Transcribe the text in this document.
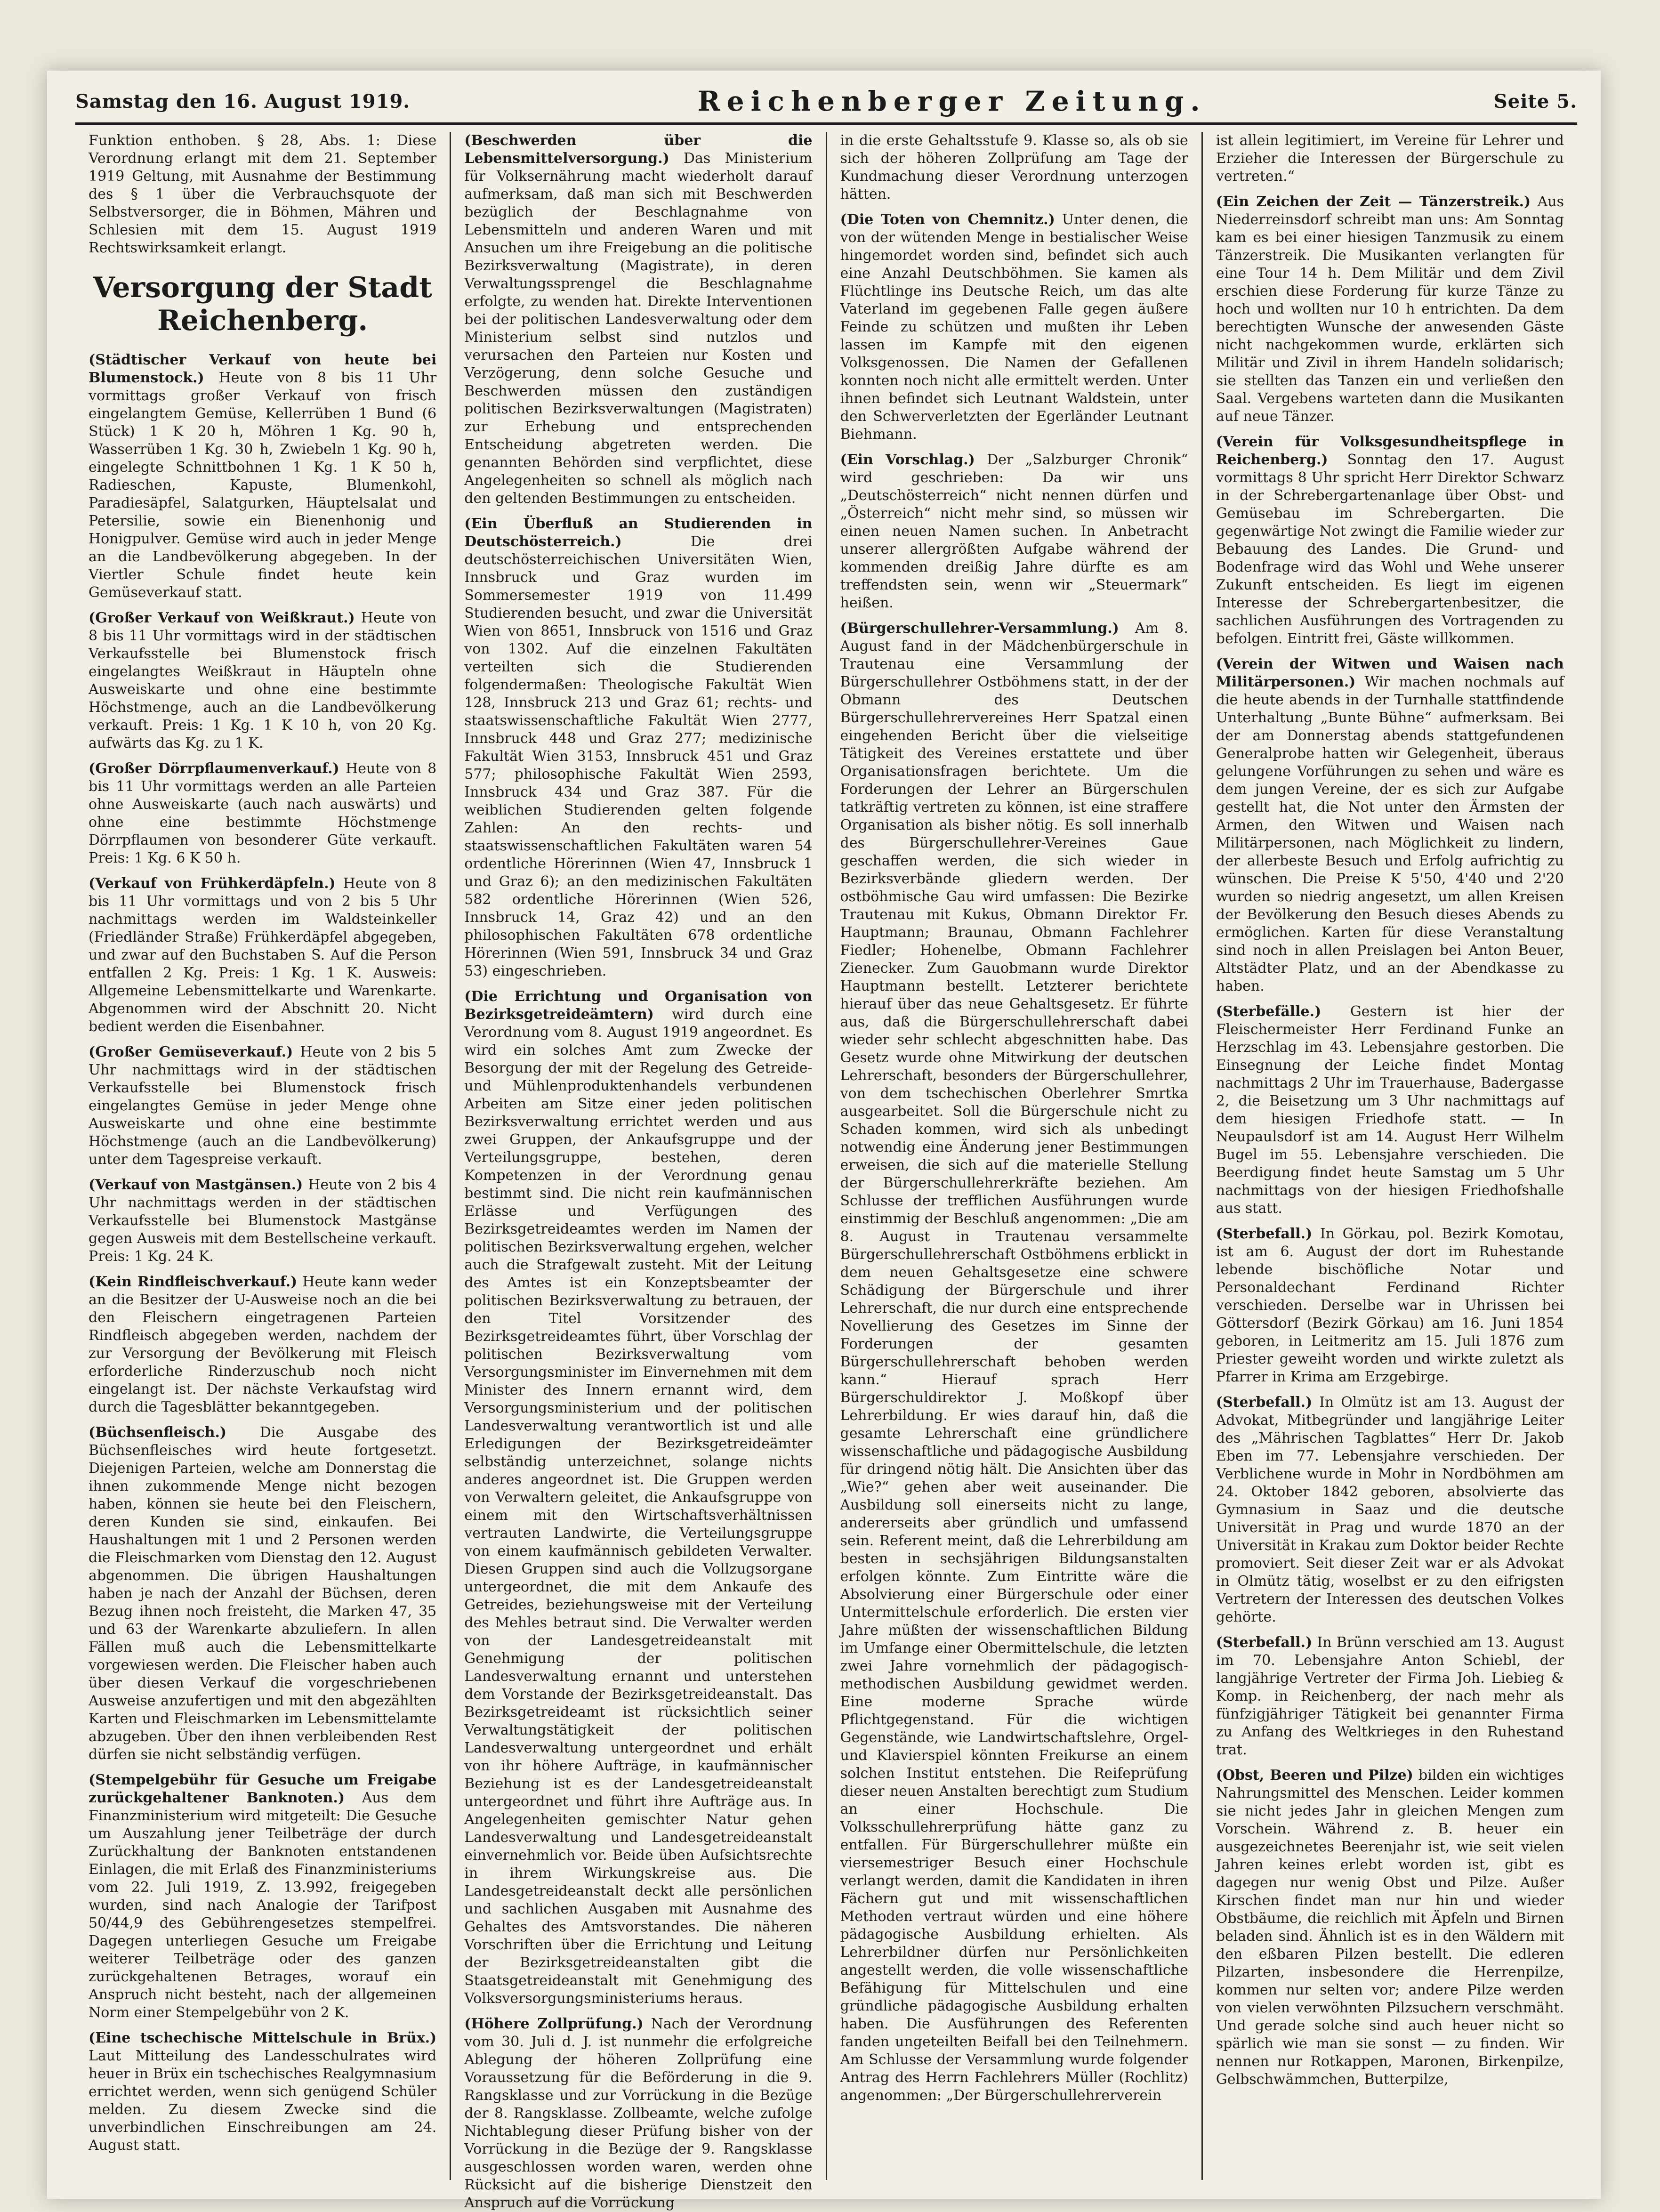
Samstag den 16. August 1919.	Reichenberger Zeitung.	Seite 5.

Funktion enthoben. § 28, Abs. 1: Diese Verordnung erlangt mit dem 21. September 1919 Geltung, mit Ausnahme der Bestimmung des § 1 über die Verbrauchsquote der Selbstversorger, die in Böhmen, Mähren und Schlesien mit dem 15. August 1919 Rechtswirksamkeit erlangt.

Versorgung der Stadt Reichenberg.

(Städtischer Verkauf von heute bei Blumenstock.) Heute von 8 bis 11 Uhr vormittags großer Verkauf von frisch eingelangtem Gemüse, Kellerrüben 1 Bund (6 Stück) 1 K 20 h, Möhren 1 Kg. 90 h, Wasserrüben 1 Kg. 30 h, Zwiebeln 1 Kg. 90 h, eingelegte Schnittbohnen 1 Kg. 1 K 50 h, Radieschen, Kapuste, Blumenkohl, Paradiesäpfel, Salatgurken, Häuptelsalat und Petersilie, sowie ein Bienenhonig und Honigpulver. Gemüse wird auch in jeder Menge an die Landbevölkerung abgegeben. In der Viertler Schule findet heute kein Gemüseverkauf statt.

(Großer Verkauf von Weißkraut.) Heute von 8 bis 11 Uhr vormittags wird in der städtischen Verkaufsstelle bei Blumenstock frisch eingelangtes Weißkraut in Häupteln ohne Ausweiskarte und ohne eine bestimmte Höchstmenge, auch an die Landbevölkerung verkauft. Preis: 1 Kg. 1 K 10 h, von 20 Kg. aufwärts das Kg. zu 1 K.

(Großer Dörrpflaumenverkauf.) Heute von 8 bis 11 Uhr vormittags werden an alle Parteien ohne Ausweiskarte (auch nach auswärts) und ohne eine bestimmte Höchstmenge Dörrpflaumen von besonderer Güte verkauft. Preis: 1 Kg. 6 K 50 h.

(Verkauf von Frühkerdäpfeln.) Heute von 8 bis 11 Uhr vormittags und von 2 bis 5 Uhr nachmittags werden im Waldsteinkeller (Friedländer Straße) Frühkerdäpfel abgegeben, und zwar auf den Buchstaben S. Auf die Person entfallen 2 Kg. Preis: 1 Kg. 1 K. Ausweis: Allgemeine Lebensmittelkarte und Warenkarte. Abgenommen wird der Abschnitt 20. Nicht bedient werden die Eisenbahner.

(Großer Gemüseverkauf.) Heute von 2 bis 5 Uhr nachmittags wird in der städtischen Verkaufsstelle bei Blumenstock frisch eingelangtes Gemüse in jeder Menge ohne Ausweiskarte und ohne eine bestimmte Höchstmenge (auch an die Landbevölkerung) unter dem Tagespreise verkauft.

(Verkauf von Mastgänsen.) Heute von 2 bis 4 Uhr nachmittags werden in der städtischen Verkaufsstelle bei Blumenstock Mastgänse gegen Ausweis mit dem Bestellscheine verkauft. Preis: 1 Kg. 24 K.

(Kein Rindfleischverkauf.) Heute kann weder an die Besitzer der U-Ausweise noch an die bei den Fleischern eingetragenen Parteien Rindfleisch abgegeben werden, nachdem der zur Versorgung der Bevölkerung mit Fleisch erforderliche Rinderzuschub noch nicht eingelangt ist. Der nächste Verkaufstag wird durch die Tagesblätter bekanntgegeben.

(Büchsenfleisch.) Die Ausgabe des Büchsenfleisches wird heute fortgesetzt. Diejenigen Parteien, welche am Donnerstag die ihnen zukommende Menge nicht bezogen haben, können sie heute bei den Fleischern, deren Kunden sie sind, einkaufen. Bei Haushaltungen mit 1 und 2 Personen werden die Fleischmarken vom Dienstag den 12. August abgenommen. Die übrigen Haushaltungen haben je nach der Anzahl der Büchsen, deren Bezug ihnen noch freisteht, die Marken 47, 35 und 63 der Warenkarte abzuliefern. In allen Fällen muß auch die Lebensmittelkarte vorgewiesen werden. Die Fleischer haben auch über diesen Verkauf die vorgeschriebenen Ausweise anzufertigen und mit den abgezählten Karten und Fleischmarken im Lebensmittelamte abzugeben. Über den ihnen verbleibenden Rest dürfen sie nicht selbständig verfügen.

(Stempelgebühr für Gesuche um Freigabe zurückgehaltener Banknoten.) Aus dem Finanzministerium wird mitgeteilt: Die Gesuche um Auszahlung jener Teilbeträge der durch Zurückhaltung der Banknoten entstandenen Einlagen, die mit Erlaß des Finanzministeriums vom 22. Juli 1919, Z. 13.992, freigegeben wurden, sind nach Analogie der Tarifpost 50/44,9 des Gebührengesetzes stempelfrei. Dagegen unterliegen Gesuche um Freigabe weiterer Teilbeträge oder des ganzen zurückgehaltenen Betrages, worauf ein Anspruch nicht besteht, nach der allgemeinen Norm einer Stempelgebühr von 2 K.

(Eine tschechische Mittelschule in Brüx.) Laut Mitteilung des Landesschulrates wird heuer in Brüx ein tschechisches Realgymnasium errichtet werden, wenn sich genügend Schüler melden. Zu diesem Zwecke sind die unverbindlichen Einschreibungen am 24. August statt.

(Beschwerden über die Lebensmittelversorgung.) Das Ministerium für Volksernährung macht wiederholt darauf aufmerksam, daß man sich mit Beschwerden bezüglich der Beschlagnahme von Lebensmitteln und anderen Waren und mit Ansuchen um ihre Freigebung an die politische Bezirksverwaltung (Magistrate), in deren Verwaltungssprengel die Beschlagnahme erfolgte, zu wenden hat. Direkte Interventionen bei der politischen Landesverwaltung oder dem Ministerium selbst sind nutzlos und verursachen den Parteien nur Kosten und Verzögerung, denn solche Gesuche und Beschwerden müssen den zuständigen politischen Bezirksverwaltungen (Magistraten) zur Erhebung und entsprechenden Entscheidung abgetreten werden. Die genannten Behörden sind verpflichtet, diese Angelegenheiten so schnell als möglich nach den geltenden Bestimmungen zu entscheiden.

(Ein Überfluß an Studierenden in Deutschösterreich.)	Die drei deutschösterreichischen Universitäten Wien, Innsbruck und Graz wurden im Sommersemester 1919 von 11.499 Studierenden besucht, und zwar die Universität Wien von 8651, Innsbruck von 1516 und Graz von 1302. Auf die einzelnen Fakultäten verteilten sich die Studierenden folgendermaßen: Theologische Fakultät Wien 128, Innsbruck 213 und Graz 61; rechts- und staatswissenschaftliche Fakultät Wien 2777, Innsbruck 448 und Graz 277; medizinische Fakultät Wien 3153, Innsbruck 451 und Graz 577; philosophische Fakultät Wien 2593, Innsbruck 434 und Graz 387. Für die weiblichen Studierenden gelten folgende Zahlen: An den rechts- und staatswissenschaftlichen Fakultäten waren 54 ordentliche Hörerinnen (Wien 47, Innsbruck 1 und Graz 6); an den medizinischen Fakultäten 582 ordentliche Hörerinnen (Wien 526, Innsbruck 14, Graz 42) und an den philosophischen Fakultäten 678 ordentliche Hörerinnen (Wien 591, Innsbruck 34 und Graz 53) eingeschrieben.

(Die Errichtung und Organisation von Bezirksgetreideämtern) wird durch eine Verordnung vom 8. August 1919 angeordnet. Es wird ein solches Amt zum Zwecke der Besorgung der mit der Regelung des Getreide- und Mühlenproduktenhandels verbundenen Arbeiten am Sitze einer jeden politischen Bezirksverwaltung errichtet werden und aus zwei Gruppen, der Ankaufsgruppe und der Verteilungsgruppe, bestehen, deren Kompetenzen in der Verordnung genau bestimmt sind. Die nicht rein kaufmännischen Erlässe und Verfügungen des Bezirksgetreideamtes werden im Namen der politischen Bezirksverwaltung ergehen, welcher auch die Strafgewalt zusteht. Mit der Leitung des Amtes ist ein Konzeptsbeamter der politischen Bezirksverwaltung zu betrauen, der den Titel Vorsitzender des Bezirksgetreideamtes führt, über Vorschlag der politischen Bezirksverwaltung vom Versorgungsminister im Einvernehmen mit dem Minister des Innern ernannt wird, dem Versorgungsministerium und der politischen Landesverwaltung verantwortlich ist und alle Erledigungen der Bezirksgetreideämter selbständig unterzeichnet, solange nichts anderes angeordnet ist. Die Gruppen werden von Verwaltern geleitet, die Ankaufsgruppe von einem mit den Wirtschaftsverhältnissen vertrauten Landwirte, die Verteilungsgruppe von einem kaufmännisch gebildeten Verwalter. Diesen Gruppen sind auch die Vollzugsorgane untergeordnet, die mit dem Ankaufe des Getreides, beziehungsweise mit der Verteilung des Mehles betraut sind. Die Verwalter werden von der Landesgetreideanstalt mit Genehmigung der politischen Landesverwaltung ernannt und unterstehen dem Vorstande der Bezirksgetreideanstalt. Das Bezirksgetreideamt ist rücksichtlich seiner Verwaltungstätigkeit der politischen Landesverwaltung untergeordnet und erhält von ihr höhere Aufträge, in kaufmännischer Beziehung ist es der Landesgetreideanstalt untergeordnet und führt ihre Aufträge aus. In Angelegenheiten gemischter Natur gehen Landesverwaltung und Landesgetreideanstalt einvernehmlich vor. Beide üben Aufsichtsrechte in ihrem Wirkungskreise aus. Die Landesgetreideanstalt deckt alle persönlichen und sachlichen Ausgaben mit Ausnahme des Gehaltes des Amtsvorstandes. Die näheren Vorschriften über die Errichtung und Leitung der Bezirksgetreideanstalten gibt die Staatsgetreideanstalt mit Genehmigung des Volksversorgungsministeriums heraus.

(Höhere Zollprüfung.) Nach der Verordnung vom 30. Juli d. J. ist nunmehr die erfolgreiche Ablegung der höheren Zollprüfung eine Voraussetzung für die Beförderung in die 9. Rangsklasse und zur Vorrückung in die Bezüge der 8. Rangsklasse. Zollbeamte, welche zufolge Nichtablegung dieser Prüfung bisher von der Vorrückung in die Bezüge der 9. Rangsklasse ausgeschlossen worden waren, werden ohne Rücksicht auf die bisherige Dienstzeit den Anspruch auf die Vorrückung

in die erste Gehaltsstufe 9. Klasse so, als ob sie sich der höheren Zollprüfung am Tage der Kundmachung dieser Verordnung unterzogen hätten.

(Die Toten von Chemnitz.) Unter denen, die von der wütenden Menge in bestialischer Weise hingemordet worden sind, befindet sich auch eine Anzahl Deutschböhmen. Sie kamen als Flüchtlinge ins Deutsche Reich, um das alte Vaterland im gegebenen Falle gegen äußere Feinde zu schützen und mußten ihr Leben lassen im Kampfe mit den eigenen Volksgenossen. Die Namen der Gefallenen konnten noch nicht alle ermittelt werden. Unter ihnen befindet sich Leutnant Waldstein, unter den Schwerverletzten der Egerländer Leutnant Biehmann.

(Ein Vorschlag.) Der „Salzburger Chronik“ wird geschrieben: Da wir uns „Deutschösterreich“ nicht nennen dürfen und „Österreich“ nicht mehr sind, so müssen wir einen neuen Namen suchen. In Anbetracht unserer allergrößten Aufgabe während der kommenden dreißig Jahre dürfte es am treffendsten sein, wenn wir „Steuermark“ heißen.

(Bürgerschullehrer-Versammlung.) Am 8. August fand in der Mädchenbürgerschule in Trautenau eine Versammlung der Bürgerschullehrer Ostböhmens statt, in der der Obmann des Deutschen Bürgerschullehrervereines Herr Spatzal einen eingehenden Bericht über die vielseitige Tätigkeit des Vereines erstattete und über Organisationsfragen berichtete. Um die Forderungen der Lehrer an Bürgerschulen tatkräftig vertreten zu können, ist eine straffere Organisation als bisher nötig. Es soll innerhalb des Bürgerschullehrer-Vereines Gaue geschaffen werden, die sich wieder in Bezirksverbände gliedern werden. Der ostböhmische Gau wird umfassen: Die Bezirke Trautenau mit Kukus, Obmann Direktor Fr. Hauptmann; Braunau, Obmann Fachlehrer Fiedler; Hohenelbe, Obmann Fachlehrer Zienecker. Zum Gauobmann wurde Direktor Hauptmann bestellt. Letzterer berichtete hierauf über das neue Gehaltsgesetz. Er führte aus, daß die Bürgerschullehrerschaft dabei wieder sehr schlecht abgeschnitten habe. Das Gesetz wurde ohne Mitwirkung der deutschen Lehrerschaft, besonders der Bürgerschullehrer, von dem tschechischen Oberlehrer Smrtka ausgearbeitet. Soll die Bürgerschule nicht zu Schaden kommen, wird sich als unbedingt notwendig eine Änderung jener Bestimmungen erweisen, die sich auf die materielle Stellung der Bürgerschullehrerkräfte beziehen. Am Schlusse der trefflichen Ausführungen wurde einstimmig der Beschluß angenommen: „Die am 8. August in Trautenau versammelte Bürgerschullehrerschaft Ostböhmens erblickt in dem neuen Gehaltsgesetze eine schwere Schädigung der Bürgerschule und ihrer Lehrerschaft, die nur durch eine entsprechende Novellierung des Gesetzes im Sinne der Forderungen der gesamten Bürgerschullehrerschaft behoben werden kann.“ Hierauf sprach Herr Bürgerschuldirektor J. Moßkopf über Lehrerbildung. Er wies darauf hin, daß die gesamte Lehrerschaft eine gründlichere wissenschaftliche und pädagogische Ausbildung für dringend nötig hält. Die Ansichten über das „Wie?“ gehen aber weit auseinander. Die Ausbildung soll einerseits nicht zu lange, andererseits aber gründlich und umfassend sein. Referent meint, daß die Lehrerbildung am besten in sechsjährigen Bildungsanstalten erfolgen könnte. Zum Eintritte wäre die Absolvierung einer Bürgerschule oder einer Untermittelschule erforderlich. Die ersten vier Jahre müßten der wissenschaftlichen Bildung im Umfange einer Obermittelschule, die letzten zwei Jahre vornehmlich der pädagogisch-methodischen Ausbildung gewidmet werden. Eine moderne Sprache würde Pflichtgegenstand. Für die wichtigen Gegenstände, wie Landwirtschaftslehre, Orgel- und Klavierspiel könnten Freikurse an einem solchen Institut entstehen. Die Reifeprüfung dieser neuen Anstalten berechtigt zum Studium an einer Hochschule. Die Volksschullehrerprüfung hätte ganz zu entfallen. Für Bürgerschullehrer müßte ein viersemestriger Besuch einer Hochschule verlangt werden, damit die Kandidaten in ihren Fächern gut und mit wissenschaftlichen Methoden vertraut würden und eine höhere pädagogische Ausbildung erhielten. Als Lehrerbildner dürfen nur Persönlichkeiten angestellt werden, die volle wissenschaftliche Befähigung für Mittelschulen und eine gründliche pädagogische Ausbildung erhalten haben. Die Ausführungen des Referenten fanden ungeteilten Beifall bei den Teilnehmern. Am Schlusse der Versammlung wurde folgender Antrag des Herrn Fachlehrers Müller (Rochlitz) angenommen: „Der Bürgerschullehrerverein

ist allein legitimiert, im Vereine für Lehrer und Erzieher die Interessen der Bürgerschule zu vertreten.“

(Ein Zeichen der Zeit — Tänzerstreik.) Aus Niederreinsdorf schreibt man uns: Am Sonntag kam es bei einer hiesigen Tanzmusik zu einem Tänzerstreik. Die Musikanten verlangten für eine Tour 14 h. Dem Militär und dem Zivil erschien diese Forderung für kurze Tänze zu hoch und wollten nur 10 h entrichten. Da dem berechtigten Wunsche der anwesenden Gäste nicht nachgekommen wurde, erklärten sich Militär und Zivil in ihrem Handeln solidarisch; sie stellten das Tanzen ein und verließen den Saal. Vergebens warteten dann die Musikanten auf neue Tänzer.

(Verein für Volksgesundheitspflege in Reichenberg.) Sonntag den 17. August vormittags 8 Uhr spricht Herr Direktor Schwarz in der Schrebergartenanlage über Obst- und Gemüsebau im Schrebergarten. Die gegenwärtige Not zwingt die Familie wieder zur Bebauung des Landes. Die Grund- und Bodenfrage wird das Wohl und Wehe unserer Zukunft entscheiden. Es liegt im eigenen Interesse der Schrebergartenbesitzer, die sachlichen Ausführungen des Vortragenden zu befolgen. Eintritt frei, Gäste willkommen.

(Verein der Witwen und Waisen nach Militärpersonen.) Wir machen nochmals auf die heute abends in der Turnhalle stattfindende Unterhaltung „Bunte Bühne“ aufmerksam. Bei der am Donnerstag abends stattgefundenen Generalprobe hatten wir Gelegenheit, überaus gelungene Vorführungen zu sehen und wäre es dem jungen Vereine, der es sich zur Aufgabe gestellt hat, die Not unter den Ärmsten der Armen, den Witwen und Waisen nach Militärpersonen, nach Möglichkeit zu lindern, der allerbeste Besuch und Erfolg aufrichtig zu wünschen. Die Preise K 5'50, 4'40 und 2'20 wurden so niedrig angesetzt, um allen Kreisen der Bevölkerung den Besuch dieses Abends zu ermöglichen. Karten für diese Veranstaltung sind noch in allen Preislagen bei Anton Beuer, Altstädter Platz, und an der Abendkasse zu haben.

(Sterbefälle.) Gestern ist hier der Fleischermeister Herr Ferdinand Funke an Herzschlag im 43. Lebensjahre gestorben. Die Einsegnung der Leiche findet Montag nachmittags 2 Uhr im Trauerhause, Badergasse 2, die Beisetzung um 3 Uhr nachmittags auf dem hiesigen Friedhofe statt. — In Neupaulsdorf ist am 14. August Herr Wilhelm Bugel im 55. Lebensjahre verschieden. Die Beerdigung findet heute Samstag um 5 Uhr nachmittags von der hiesigen Friedhofshalle aus statt.

(Sterbefall.) In Görkau, pol. Bezirk Komotau, ist am 6. August der dort im Ruhestande lebende bischöfliche Notar und Personaldechant Ferdinand Richter verschieden. Derselbe war in Uhrissen bei Göttersdorf (Bezirk Görkau) am 16. Juni 1854 geboren, in Leitmeritz am 15. Juli 1876 zum Priester geweiht worden und wirkte zuletzt als Pfarrer in Krima am Erzgebirge.

(Sterbefall.) In Olmütz ist am 13. August der Advokat, Mitbegründer und langjährige Leiter des „Mährischen Tagblattes“ Herr Dr. Jakob Eben im 77. Lebensjahre verschieden. Der Verblichene wurde in Mohr in Nordböhmen am 24. Oktober 1842 geboren, absolvierte das Gymnasium in Saaz und die deutsche Universität in Prag und wurde 1870 an der Universität in Krakau zum Doktor beider Rechte promoviert. Seit dieser Zeit war er als Advokat in Olmütz tätig, woselbst er zu den eifrigsten Vertretern der Interessen des deutschen Volkes gehörte.

(Sterbefall.) In Brünn verschied am 13. August im 70. Lebensjahre Anton Schiebl, der langjährige Vertreter der Firma Joh. Liebieg & Komp. in Reichenberg, der nach mehr als fünfzigjähriger Tätigkeit bei genannter Firma zu Anfang des Weltkrieges in den Ruhestand trat.

(Obst, Beeren und Pilze) bilden ein wichtiges Nahrungsmittel des Menschen. Leider kommen sie nicht jedes Jahr in gleichen Mengen zum Vorschein. Während z. B. heuer ein ausgezeichnetes Beerenjahr ist, wie seit vielen Jahren keines erlebt worden ist, gibt es dagegen nur wenig Obst und Pilze. Außer Kirschen findet man nur hin und wieder Obstbäume, die reichlich mit Äpfeln und Birnen beladen sind. Ähnlich ist es in den Wäldern mit den eßbaren Pilzen bestellt. Die edleren Pilzarten, insbesondere die Herrenpilze, kommen nur selten vor; andere Pilze werden von vielen verwöhnten Pilzsuchern verschmäht. Und gerade solche sind auch heuer nicht so spärlich wie man sie sonst — zu finden. Wir nennen nur Rotkappen, Maronen, Birkenpilze, Gelbschwämmchen, Butterpilze,
